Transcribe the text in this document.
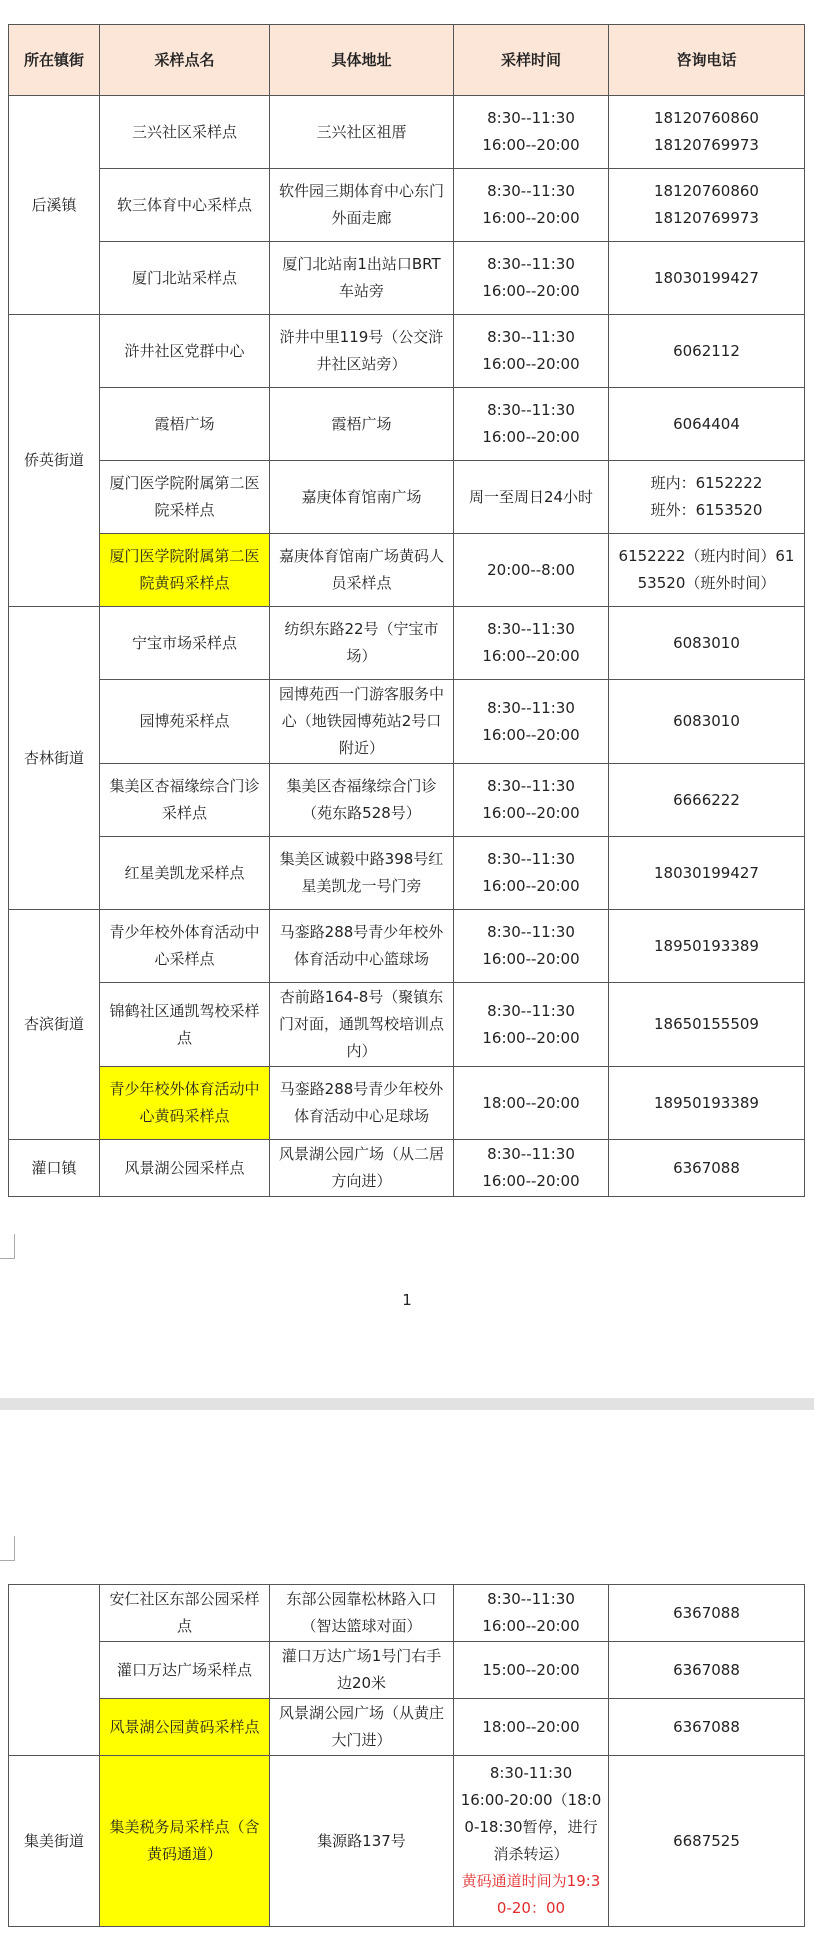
所在镇街	采样点名	具体地址	采样时间	咨询电话
后溪镇	三兴社区采样点	三兴社区祖厝	8:30--11:30
16:00--20:00	18120760860
18120769973

	软三体育中心采样点	软件园三期体育中心东门外面走廊	8:30--11:30
16:00--20:00	18120760860
18120769973

	厦门北站采样点	厦门北站南1出站口BRT车站旁	8:30--11:30
16:00--20:00	18030199427

侨英街道	浒井社区党群中心	浒井中里119号（公交浒井社区站旁）	8:30--11:30
16:00--20:00	6062112

	霞梧广场	霞梧广场	8:30--11:30
16:00--20:00	6064404

	厦门医学院附属第二医院采样点	嘉庚体育馆南广场	周一至周日24小时	班内：6152222
班外：6153520

	厦门医学院附属第二医院黄码采样点	嘉庚体育馆南广场黄码人员采样点	20:00--8:00	6152222（班内时间）6153520（班外时间）

杏林街道	宁宝市场采样点	纺织东路22号（宁宝市场）	8:30--11:30
16:00--20:00	6083010

	园博苑采样点	园博苑西一门游客服务中心（地铁园博苑站2号口附近）	8:30--11:30
16:00--20:00	6083010

	集美区杏福缘综合门诊采样点	集美区杏福缘综合门诊（苑东路528号）	8:30--11:30
16:00--20:00	6666222

	红星美凯龙采样点	集美区诚毅中路398号红星美凯龙一号门旁	8:30--11:30
16:00--20:00	18030199427

杏滨街道	青少年校外体育活动中心采样点	马銮路288号青少年校外体育活动中心篮球场	8:30--11:30
16:00--20:00	18950193389

	锦鹤社区通凯驾校采样点	杏前路164-8号（聚镇东门对面，通凯驾校培训点内）	8:30--11:30
16:00--20:00	18650155509

	青少年校外体育活动中心黄码采样点	马銮路288号青少年校外体育活动中心足球场	18:00--20:00	18950193389

灌口镇	风景湖公园采样点	风景湖公园广场（从二居方向进）	8:30--11:30
16:00--20:00	6367088
1
	安仁社区东部公园采样点	东部公园靠松林路入口（智达篮球对面）	8:30--11:30
16:00--20:00	6367088

	灌口万达广场采样点	灌口万达广场1号门右手边20米	15:00--20:00	6367088

	风景湖公园黄码采样点	风景湖公园广场（从黄庄大门进）	18:00--20:00	6367088

集美街道	集美税务局采样点（含黄码通道）	集源路137号	8:30-11:30
16:00-20:00（18:00-18:30暂停，进行消杀转运）
黄码通道时间为19:30-20：00	6687525
